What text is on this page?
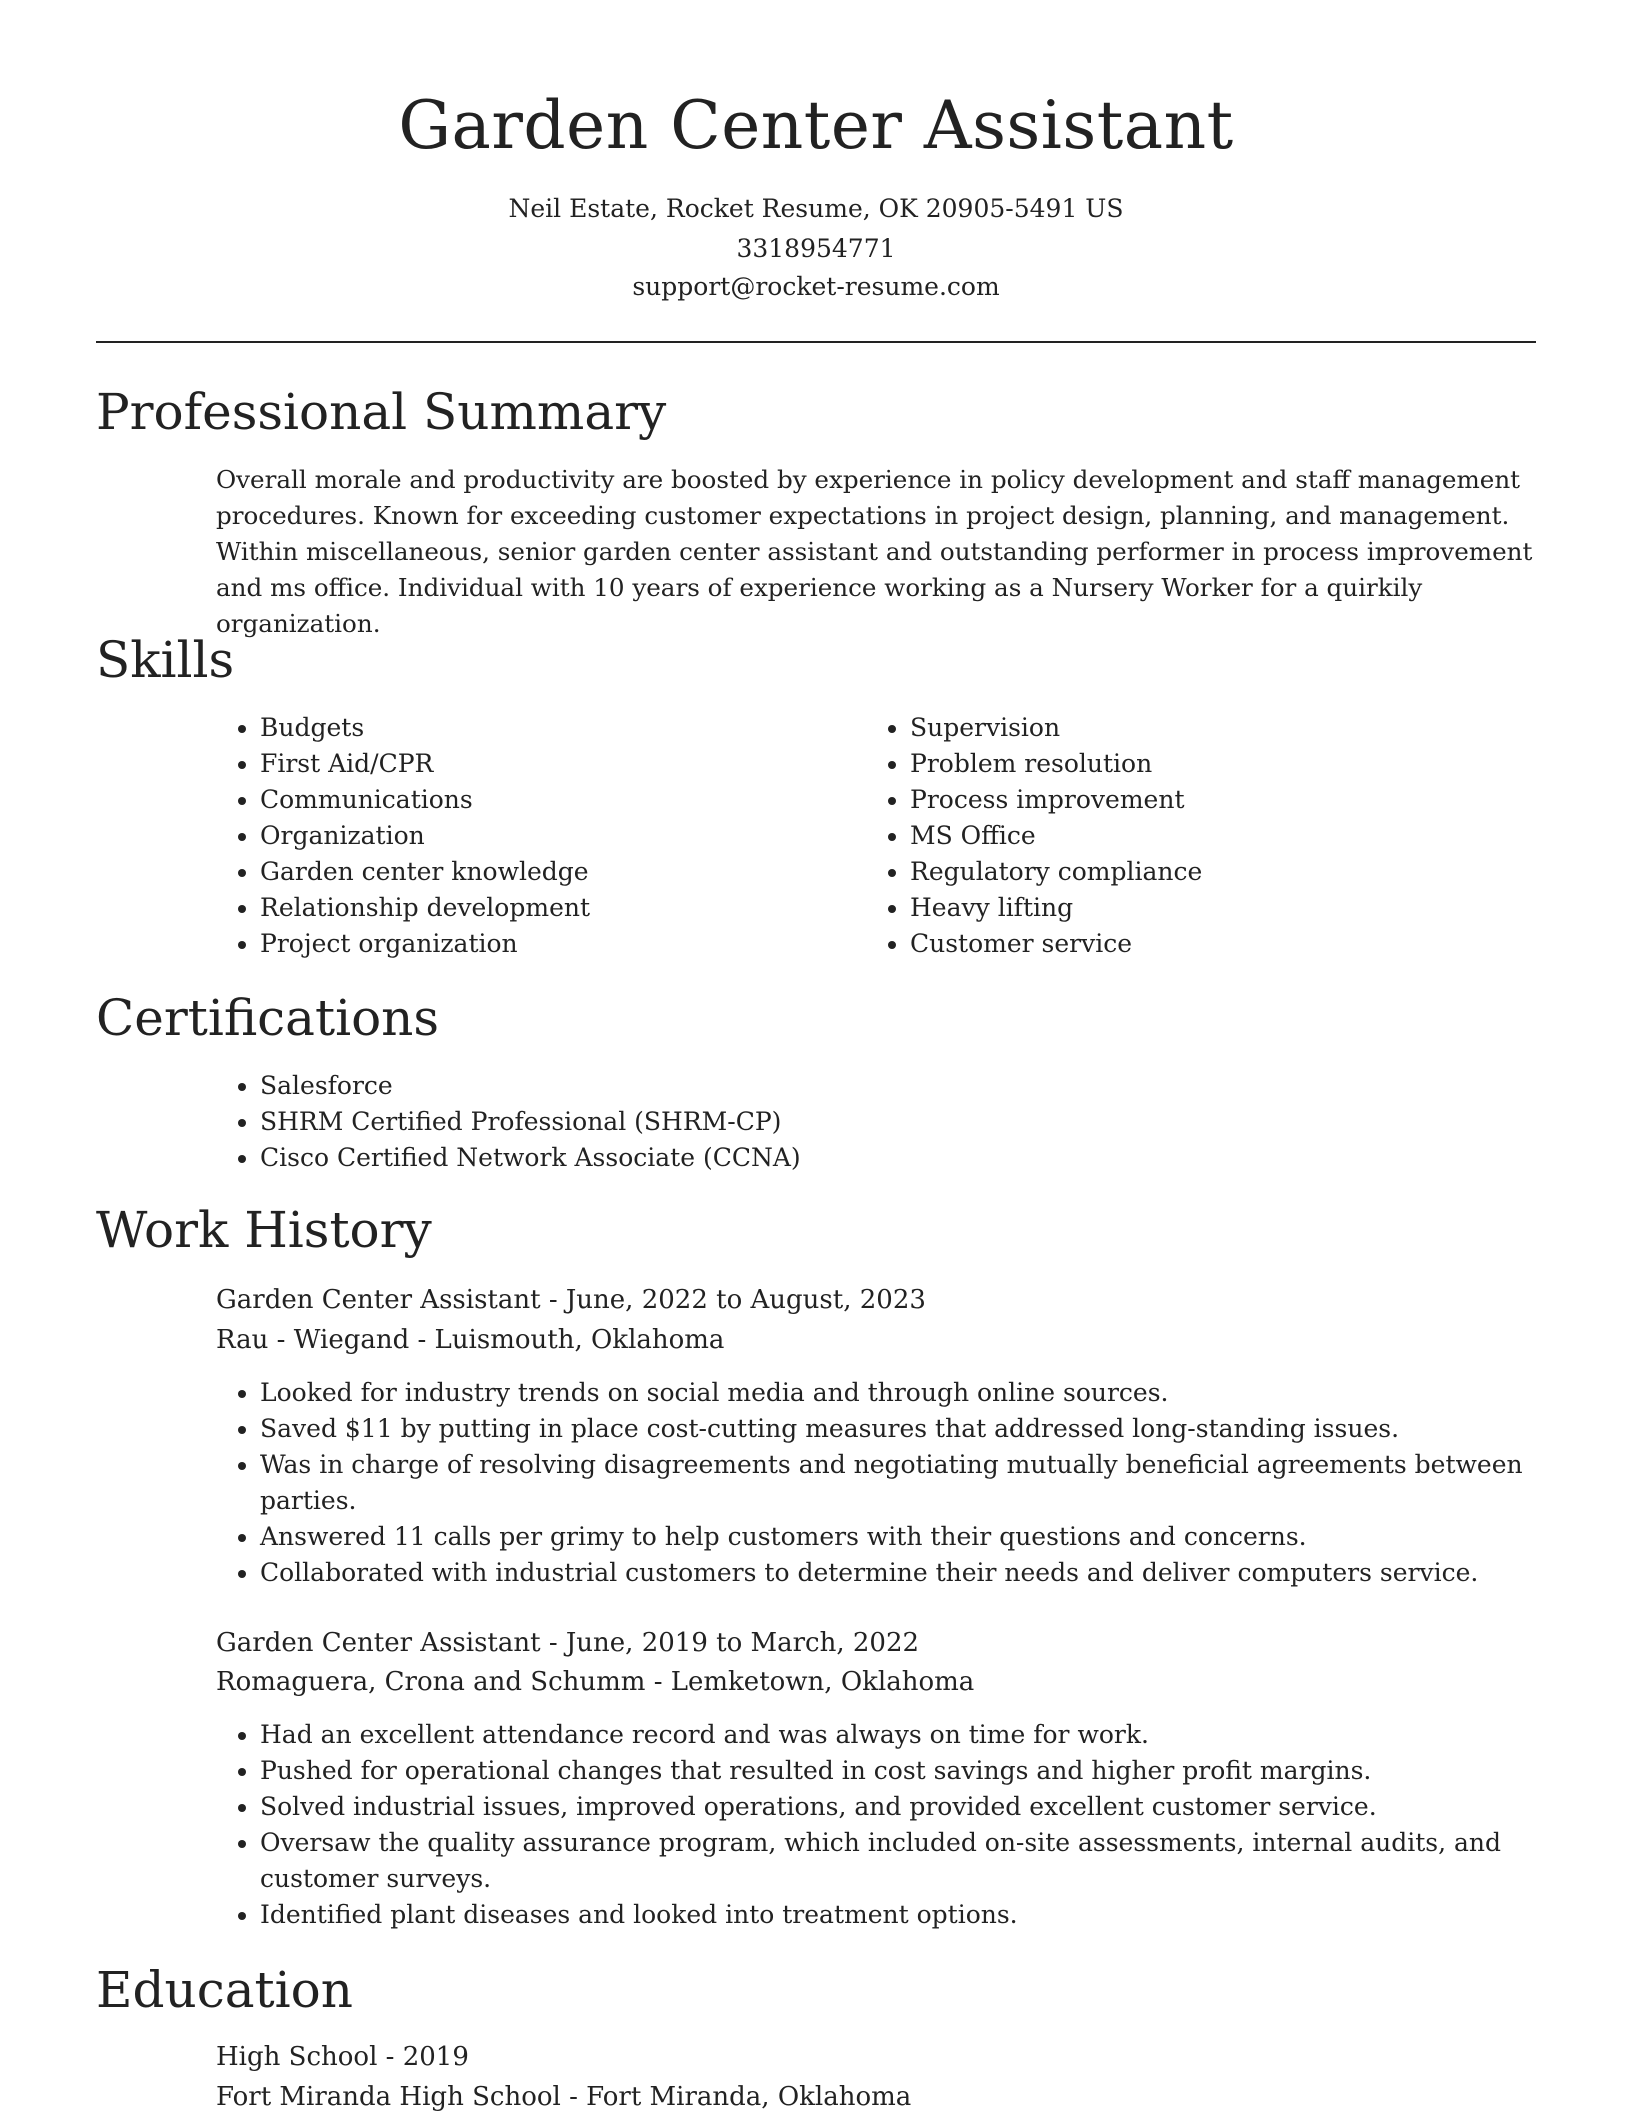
Garden Center Assistant
Neil Estate, Rocket Resume, OK 20905-5491 US
3318954771
support@rocket-resume.com
Professional Summary
Overall morale and productivity are boosted by experience in policy development and staff management procedures. Known for exceeding customer expectations in project design, planning, and management. Within miscellaneous, senior garden center assistant and outstanding performer in process improvement and ms office. Individual with 10 years of experience working as a Nursery Worker for a quirkily organization.
Skills
• Budgets
• First Aid/CPR
• Communications
• Organization
• Garden center knowledge
• Relationship development
• Project organization
• Supervision
• Problem resolution
• Process improvement
• MS Office
• Regulatory compliance
• Heavy lifting
• Customer service
Certifications
• Salesforce
• SHRM Certified Professional (SHRM-CP)
• Cisco Certified Network Associate (CCNA)
Work History
Garden Center Assistant - June, 2022 to August, 2023
Rau - Wiegand - Luismouth, Oklahoma
• Looked for industry trends on social media and through online sources.
• Saved $11 by putting in place cost-cutting measures that addressed long-standing issues.
• Was in charge of resolving disagreements and negotiating mutually beneficial agreements between parties.
• Answered 11 calls per grimy to help customers with their questions and concerns.
• Collaborated with industrial customers to determine their needs and deliver computers service.
Garden Center Assistant - June, 2019 to March, 2022
Romaguera, Crona and Schumm - Lemketown, Oklahoma
• Had an excellent attendance record and was always on time for work.
• Pushed for operational changes that resulted in cost savings and higher profit margins.
• Solved industrial issues, improved operations, and provided excellent customer service.
• Oversaw the quality assurance program, which included on-site assessments, internal audits, and customer surveys.
• Identified plant diseases and looked into treatment options.
Education
High School - 2019
Fort Miranda High School - Fort Miranda, Oklahoma
